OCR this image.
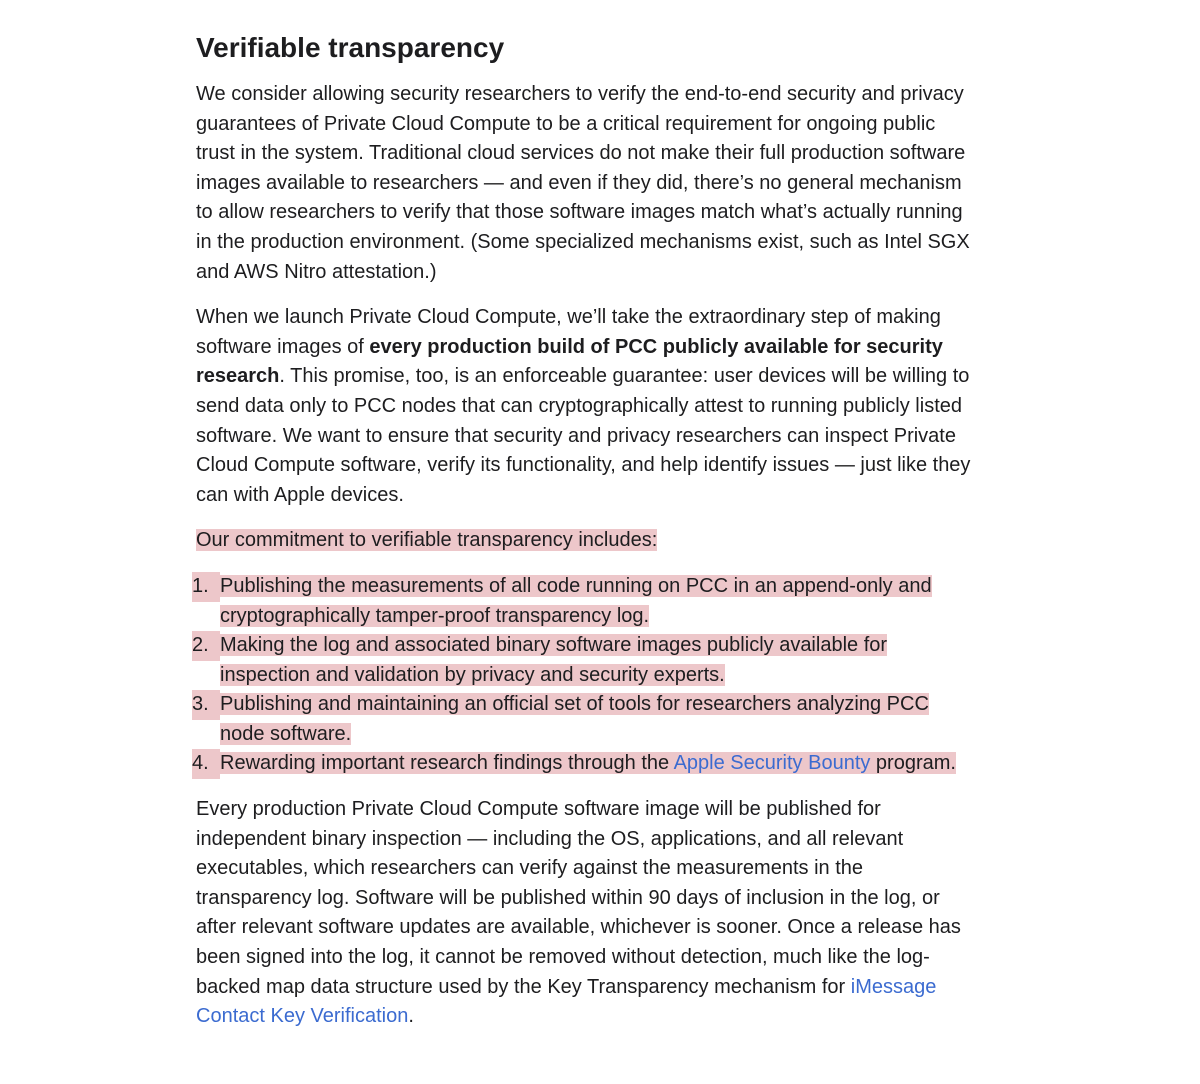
Verifiable transparency

We consider allowing security researchers to verify the end-to-end security and privacy guarantees of Private Cloud Compute to be a critical requirement for ongoing public trust in the system. Traditional cloud services do not make their full production software images available to researchers — and even if they did, there’s no general mechanism to allow researchers to verify that those software images match what’s actually running in the production environment. (Some specialized mechanisms exist, such as Intel SGX and AWS Nitro attestation.)

When we launch Private Cloud Compute, we’ll take the extraordinary step of making software images of every production build of PCC publicly available for security research. This promise, too, is an enforceable guarantee: user devices will be willing to send data only to PCC nodes that can cryptographically attest to running publicly listed software. We want to ensure that security and privacy researchers can inspect Private Cloud Compute software, verify its functionality, and help identify issues — just like they can with Apple devices.

Our commitment to verifiable transparency includes:

1. Publishing the measurements of all code running on PCC in an append-only and cryptographically tamper-proof transparency log.
2. Making the log and associated binary software images publicly available for inspection and validation by privacy and security experts.
3. Publishing and maintaining an official set of tools for researchers analyzing PCC node software.
4. Rewarding important research findings through the Apple Security Bounty program.

Every production Private Cloud Compute software image will be published for independent binary inspection — including the OS, applications, and all relevant executables, which researchers can verify against the measurements in the transparency log. Software will be published within 90 days of inclusion in the log, or after relevant software updates are available, whichever is sooner. Once a release has been signed into the log, it cannot be removed without detection, much like the log-backed map data structure used by the Key Transparency mechanism for iMessage Contact Key Verification.
